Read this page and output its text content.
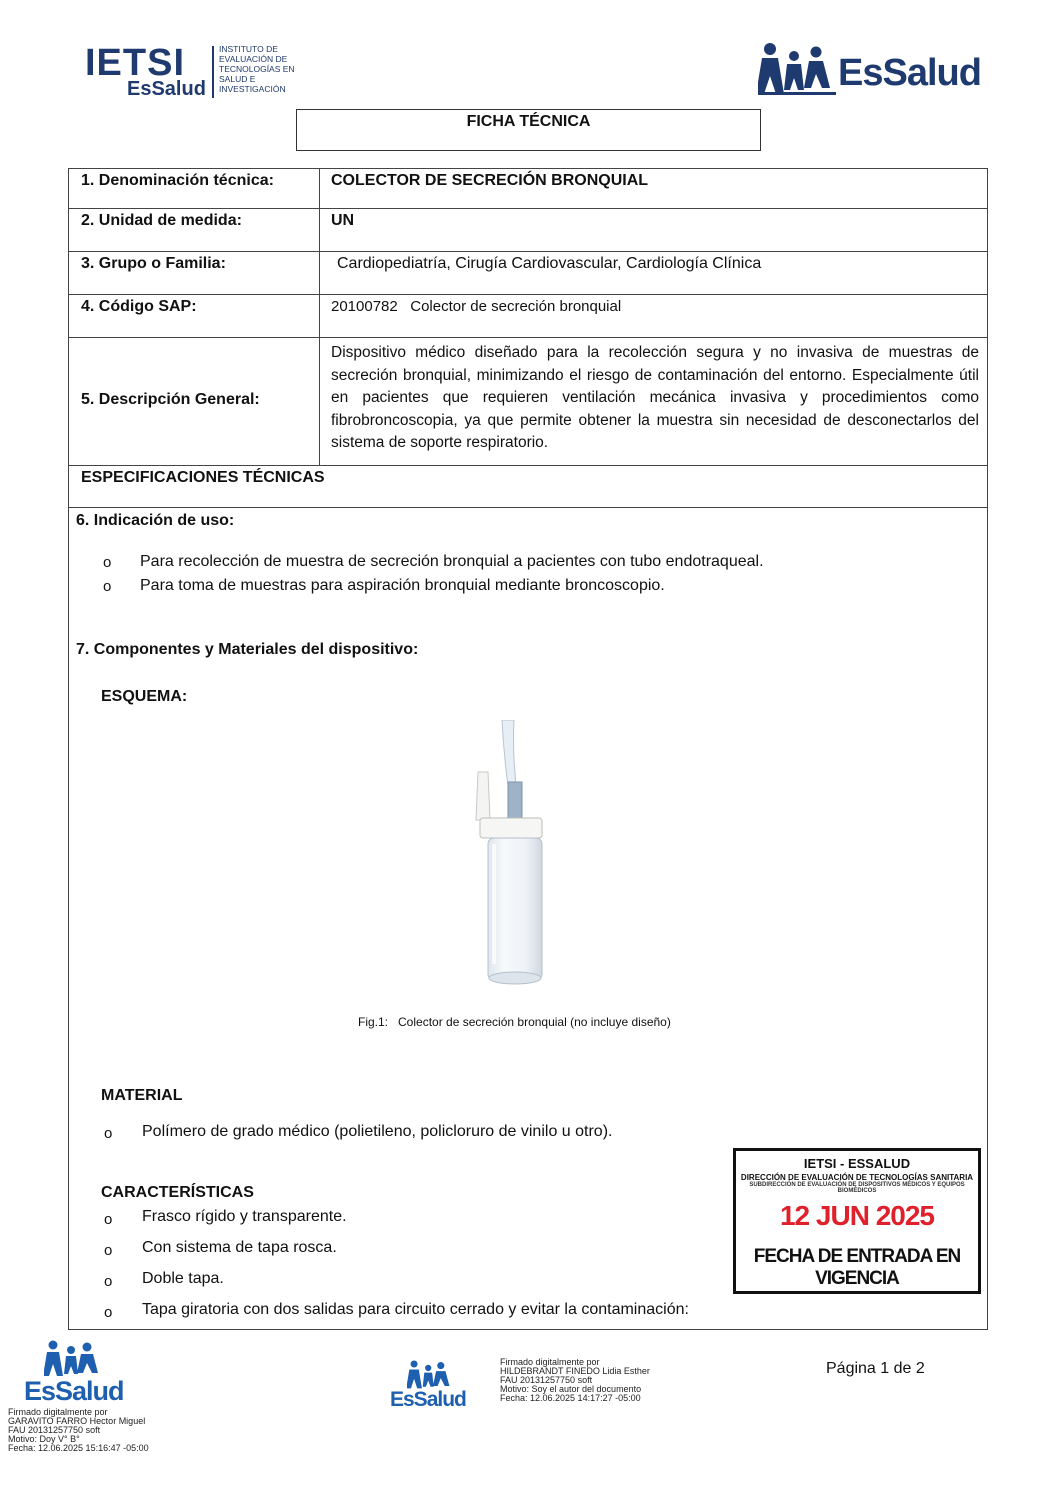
IETSI
EsSalud
INSTITUTO DE
EVALUACIÓN DE
TECNOLOGÍAS EN
SALUD E
INVESTIGACIÓN	EsSalud
FICHA TÉCNICA
1. Denominación técnica:	COLECTOR DE SECRECIÓN BRONQUIAL
2. Unidad de medida:	UN
3. Grupo o Familia:	Cardiopediatría, Cirugía Cardiovascular, Cardiología Clínica
4. Código SAP:	20100782   Colector de secreción bronquial
5. Descripción General:
Dispositivo médico diseñado para la recolección segura y no invasiva de muestras de secreción bronquial, minimizando el riesgo de contaminación del entorno. Especialmente útil en pacientes que requieren ventilación mecánica invasiva y procedimientos como fibrobroncoscopia, ya que permite obtener la muestra sin necesidad de desconectarlos del sistema de soporte respiratorio.
ESPECIFICACIONES TÉCNICAS
6. Indicación de uso:
o Para recolección de muestra de secreción bronquial a pacientes con tubo endotraqueal.
o Para toma de muestras para aspiración bronquial mediante broncoscopio.
7. Componentes y Materiales del dispositivo:
ESQUEMA:
Fig.1:   Colector de secreción bronquial (no incluye diseño)
MATERIAL
o Polímero de grado médico (polietileno, policloruro de vinilo u otro).
CARACTERÍSTICAS
o Frasco rígido y transparente.
o Con sistema de tapa rosca.
o Doble tapa.
o Tapa giratoria con dos salidas para circuito cerrado y evitar la contaminación:
IETSI - ESSALUD
DIRECCIÓN DE EVALUACIÓN DE TECNOLOGÍAS SANITARIA
SUBDIRECCIÓN DE EVALUACIÓN DE DISPOSITIVOS MÉDICOS Y EQUIPOS BIOMÉDICOS
12 JUN 2025
FECHA DE ENTRADA EN VIGENCIA
EsSalud
Firmado digitalmente por
GARAVITO FARRO Hector Miguel
FAU 20131257750 soft
Motivo: Doy V° B°
Fecha: 12.06.2025 15:16:47 -05:00
EsSalud
Firmado digitalmente por
HILDEBRANDT FINEDO Lidia Esther
FAU 20131257750 soft
Motivo: Soy el autor del documento
Fecha: 12.06.2025 14:17:27 -05:00
Página 1 de 2
